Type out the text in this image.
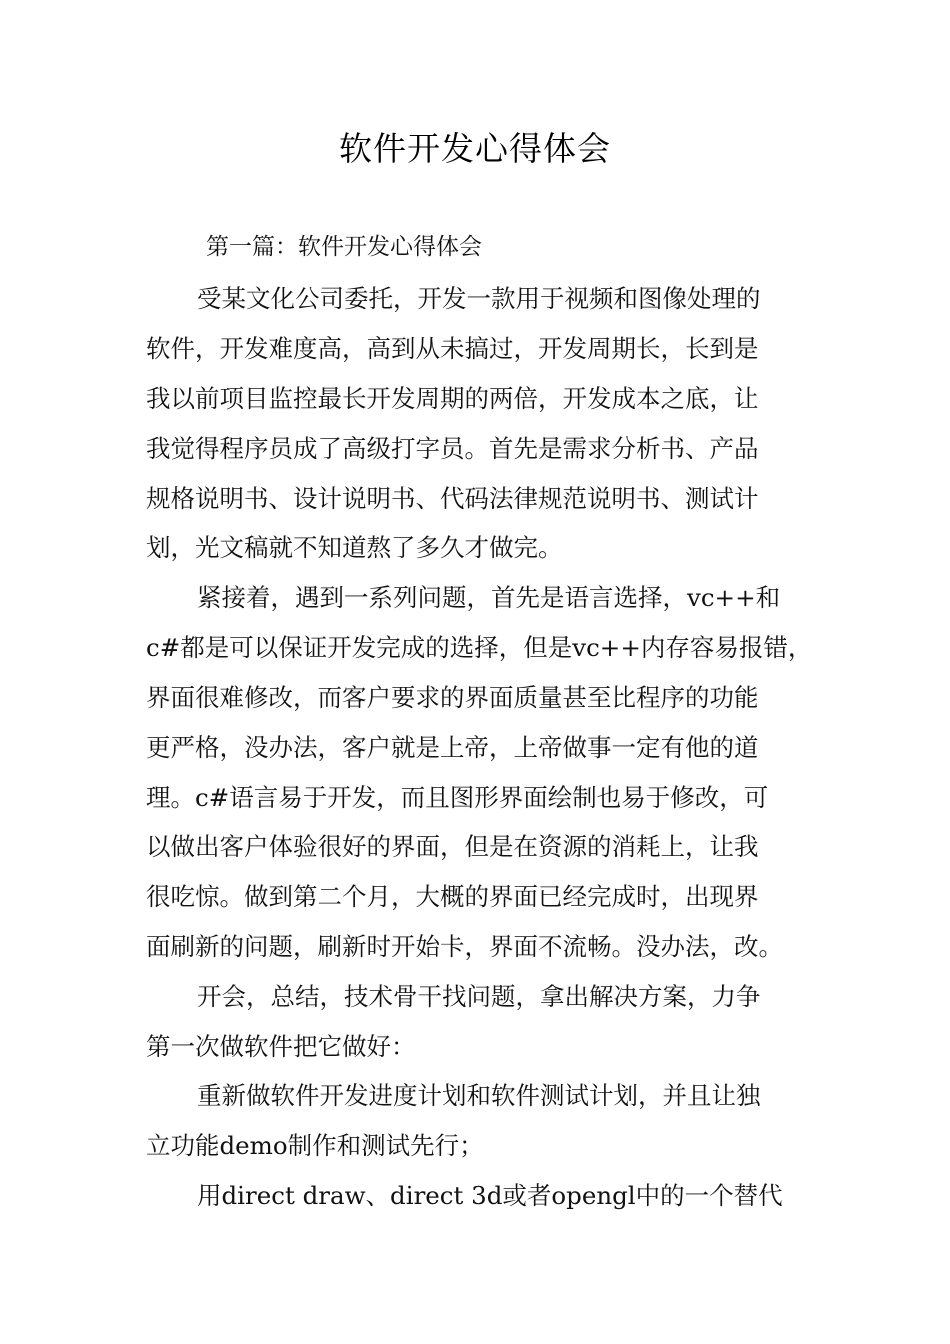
软件开发心得体会
第一篇：软件开发心得体会
受某文化公司委托，开发一款用于视频和图像处理的
软件，开发难度高，高到从未搞过，开发周期长，长到是
我以前项目监控最长开发周期的两倍，开发成本之底，让
我觉得程序员成了高级打字员。首先是需求分析书、产品
规格说明书、设计说明书、代码法律规范说明书、测试计
划，光文稿就不知道熬了多久才做完。
紧接着，遇到一系列问题，首先是语言选择，vc++和
c#都是可以保证开发完成的选择，但是vc++内存容易报错，
界面很难修改，而客户要求的界面质量甚至比程序的功能
更严格，没办法，客户就是上帝，上帝做事一定有他的道
理。c#语言易于开发，而且图形界面绘制也易于修改，可
以做出客户体验很好的界面，但是在资源的消耗上，让我
很吃惊。做到第二个月，大概的界面已经完成时，出现界
面刷新的问题，刷新时开始卡，界面不流畅。没办法，改。
开会，总结，技术骨干找问题，拿出解决方案，力争
第一次做软件把它做好：
重新做软件开发进度计划和软件测试计划，并且让独
立功能demo制作和测试先行；
用direct draw、direct 3d或者opengl中的一个替代
